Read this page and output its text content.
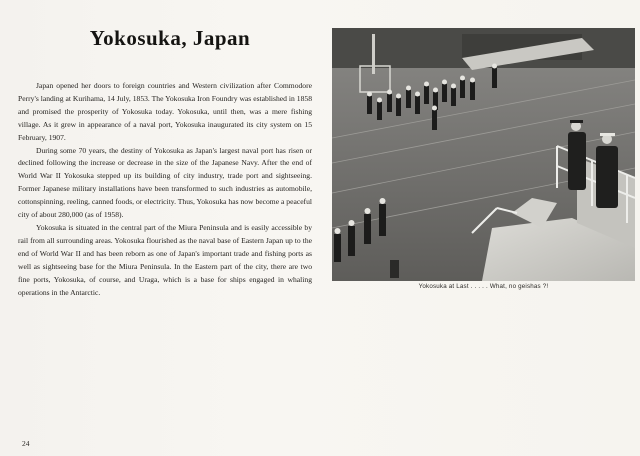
Yokosuka, Japan

Japan opened her doors to foreign countries and Western civilization after Commodore Perry's landing at Kurihama, 14 July, 1853. The Yokosuka Iron Foundry was established in 1858 and promised the prosperity of Yokosuka today. Yokosuka, until then, was a mere fishing village. As it grew in appearance of a naval port, Yokosuka inaugurated its city system on 15 February, 1907.

During some 70 years, the destiny of Yokosuka as Japan's largest naval port has risen or declined following the increase or decrease in the size of the Japanese Navy. After the end of World War II Yokosuka stepped up its building of city industry, trade port and sightseeing. Former Japanese military installations have been transformed to such industries as automobile, cottonspinning, reeling, canned foods, or electricity. Thus, Yokosuka has now become a peaceful city of about 280,000 (as of 1958).

Yokosuka is situated in the central part of the Miura Peninsula and is easily accessible by rail from all surrounding areas. Yokosuka flourished as the naval base of Eastern Japan up to the end of World War II and has been reborn as one of Japan's important trade and fishing ports as well as sightseeing base for the Miura Peninsula. In the Eastern part of the city, there are two fine ports, Yokosuka, of course, and Uraga, which is a base for ships engaged in whaling operations in the Antarctic.

Yokosuka at Last . . . . . What, no geishas ?!
24
